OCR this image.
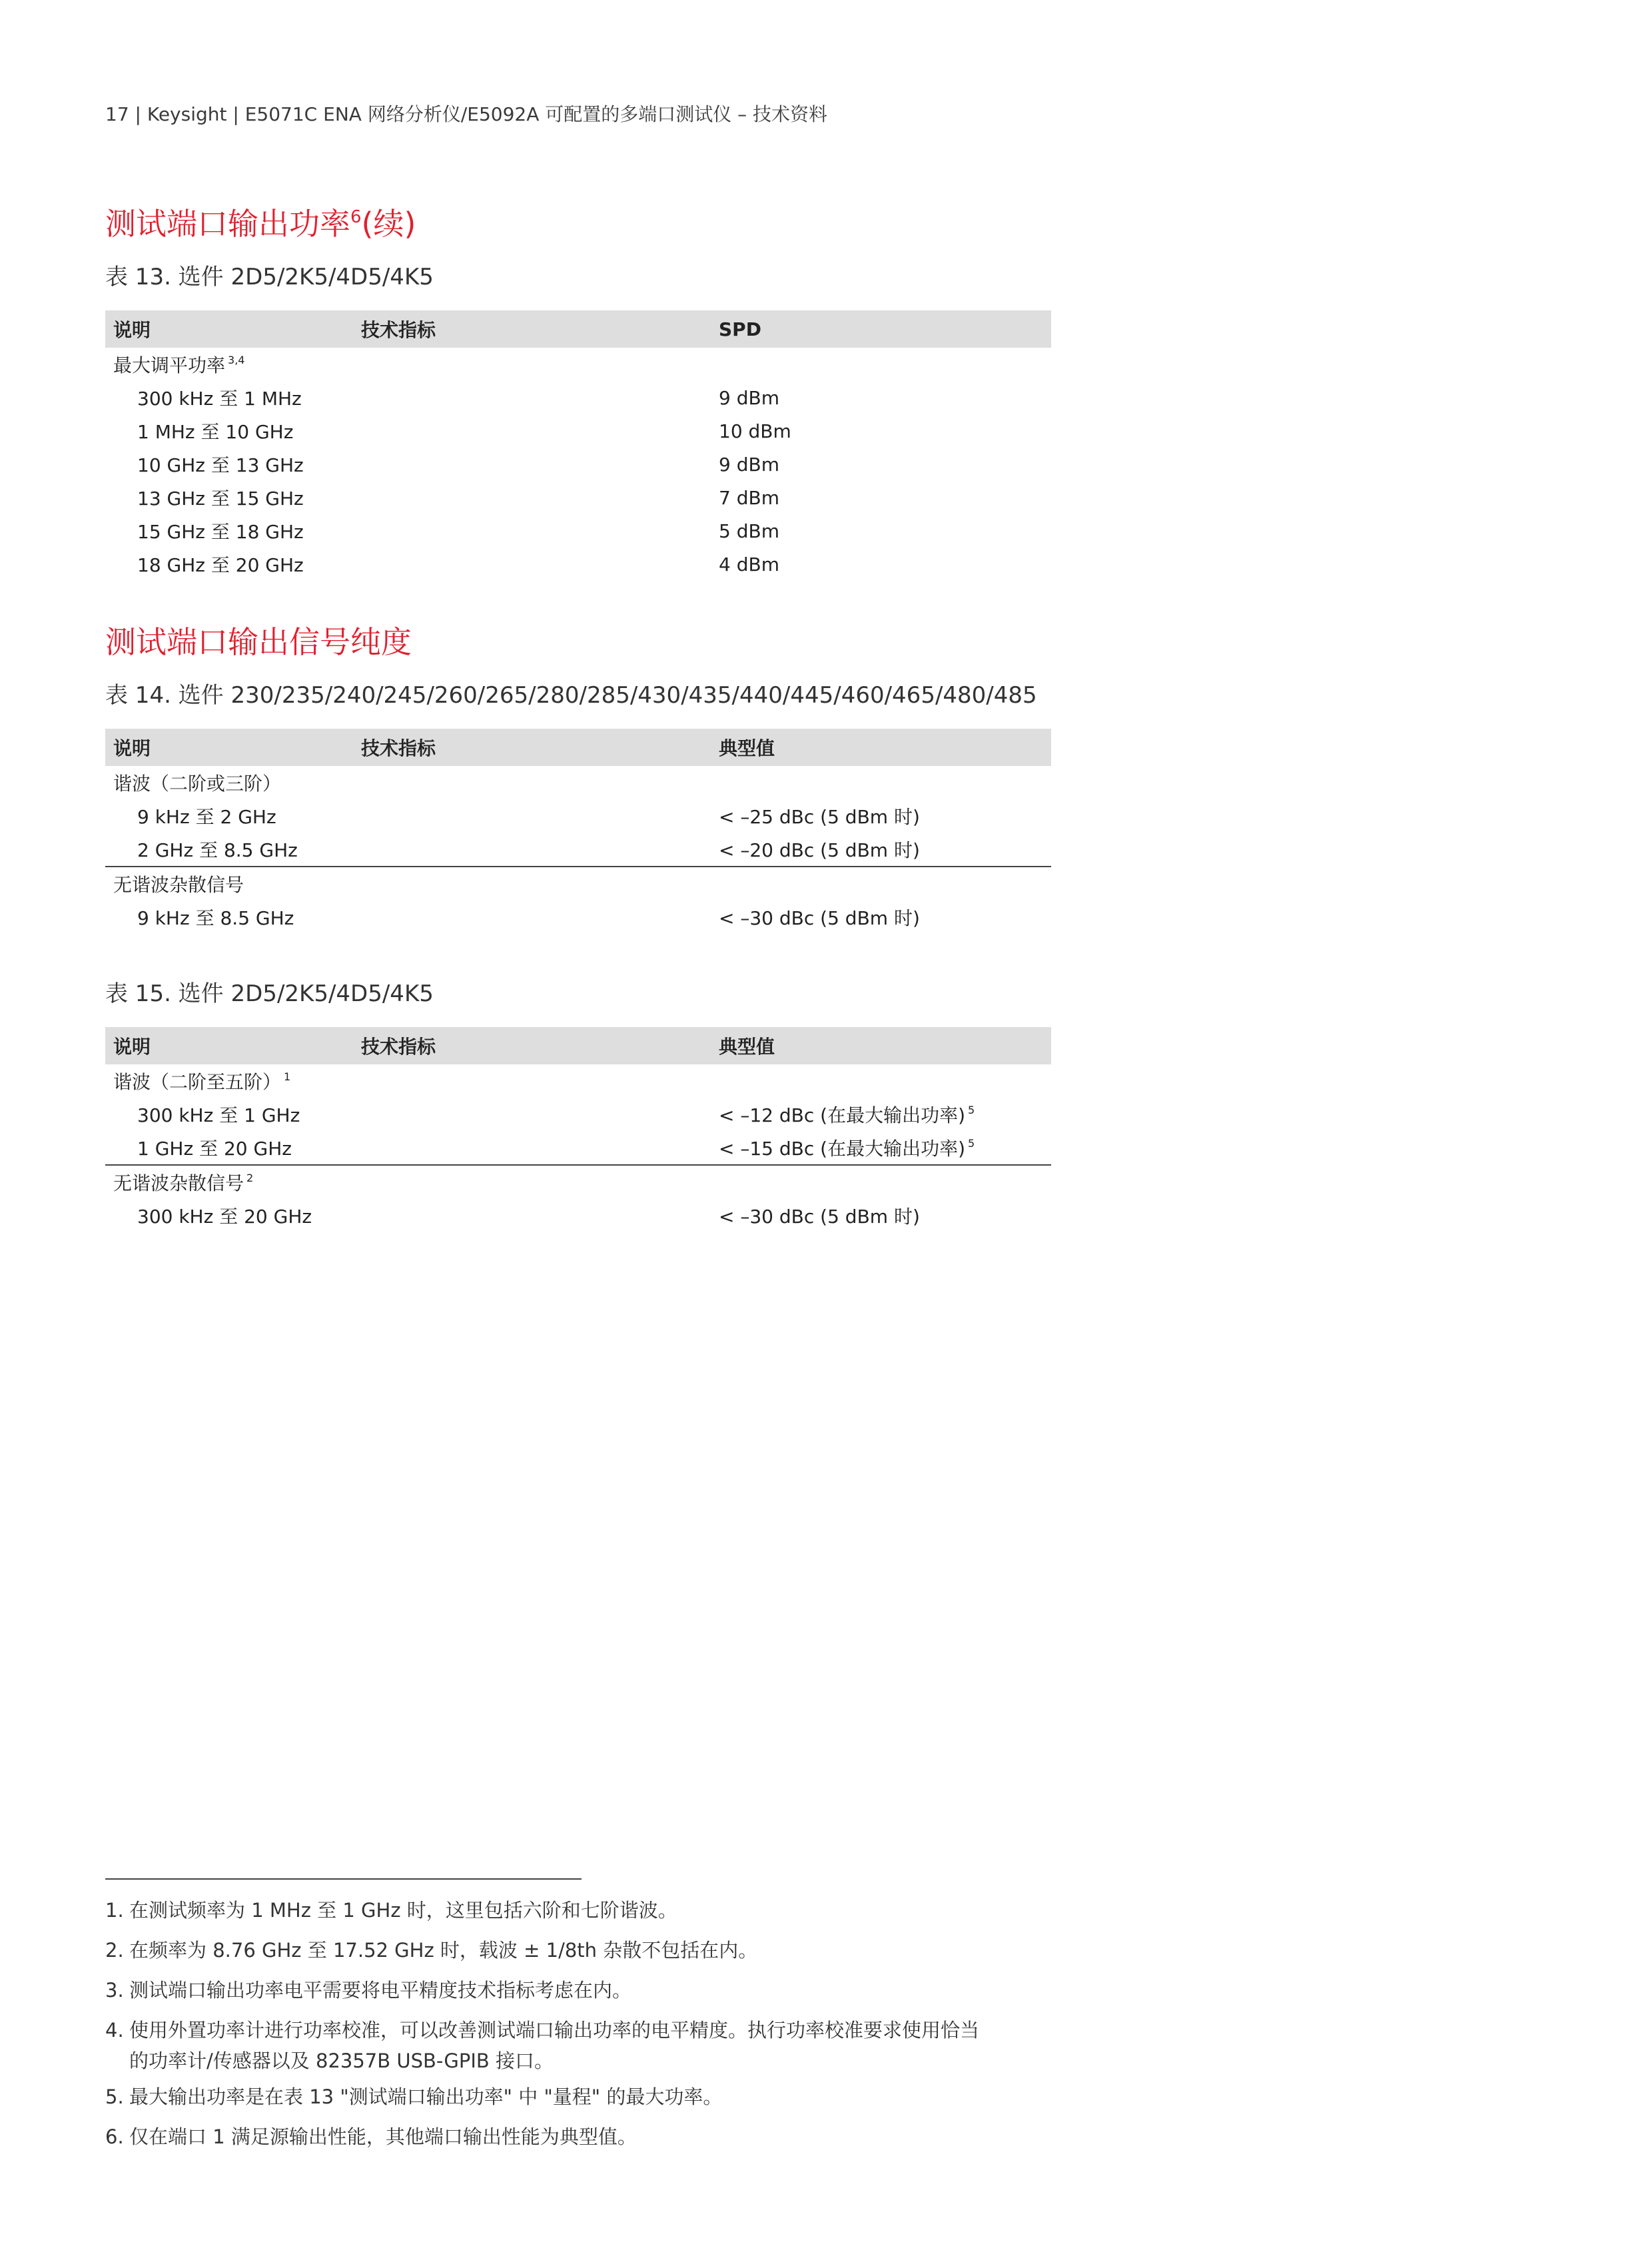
17 | Keysight | E5071C ENA 网络分析仪/E5092A 可配置的多端口测试仪 – 技术资料
测试端口输出功率$^6$(续)
表 13. 选件 2D5/2K5/4D5/4K5
说明	技术指标	SPD
最大调平功率 $^{3,4}$		
300 kHz 至 1 MHz		9 dBm
1 MHz 至 10 GHz		10 dBm
10 GHz 至 13 GHz		9 dBm
13 GHz 至 15 GHz		7 dBm
15 GHz 至 18 GHz		5 dBm
18 GHz 至 20 GHz		4 dBm
测试端口输出信号纯度
表 14. 选件 230/235/240/245/260/265/280/285/430/435/440/445/460/465/480/485
说明	技术指标	典型值
谐波（二阶或三阶）		
9 kHz 至 2 GHz		< –25 dBc (5 dBm 时)
2 GHz 至 8.5 GHz		< –20 dBc (5 dBm 时)
无谐波杂散信号		
9 kHz 至 8.5 GHz		< –30 dBc (5 dBm 时)
表 15. 选件 2D5/2K5/4D5/4K5
说明	技术指标	典型值
谐波（二阶至五阶） $^1$		
300 kHz 至 1 GHz		< –12 dBc (在最大输出功率) $^5$
1 GHz 至 20 GHz		< –15 dBc (在最大输出功率) $^5$
无谐波杂散信号 $^2$		
300 kHz 至 20 GHz		< –30 dBc (5 dBm 时)
1. 在测试频率为 1 MHz 至 1 GHz 时，这里包括六阶和七阶谐波。
2. 在频率为 8.76 GHz 至 17.52 GHz 时，载波 ± 1/8th 杂散不包括在内。
3. 测试端口输出功率电平需要将电平精度技术指标考虑在内。
4. 使用外置功率计进行功率校准，可以改善测试端口输出功率的电平精度。执行功率校准要求使用恰当
的功率计/传感器以及 82357B USB-GPIB 接口。
5. 最大输出功率是在表 13 "测试端口输出功率" 中 "量程" 的最大功率。
6. 仅在端口 1 满足源输出性能，其他端口输出性能为典型值。
